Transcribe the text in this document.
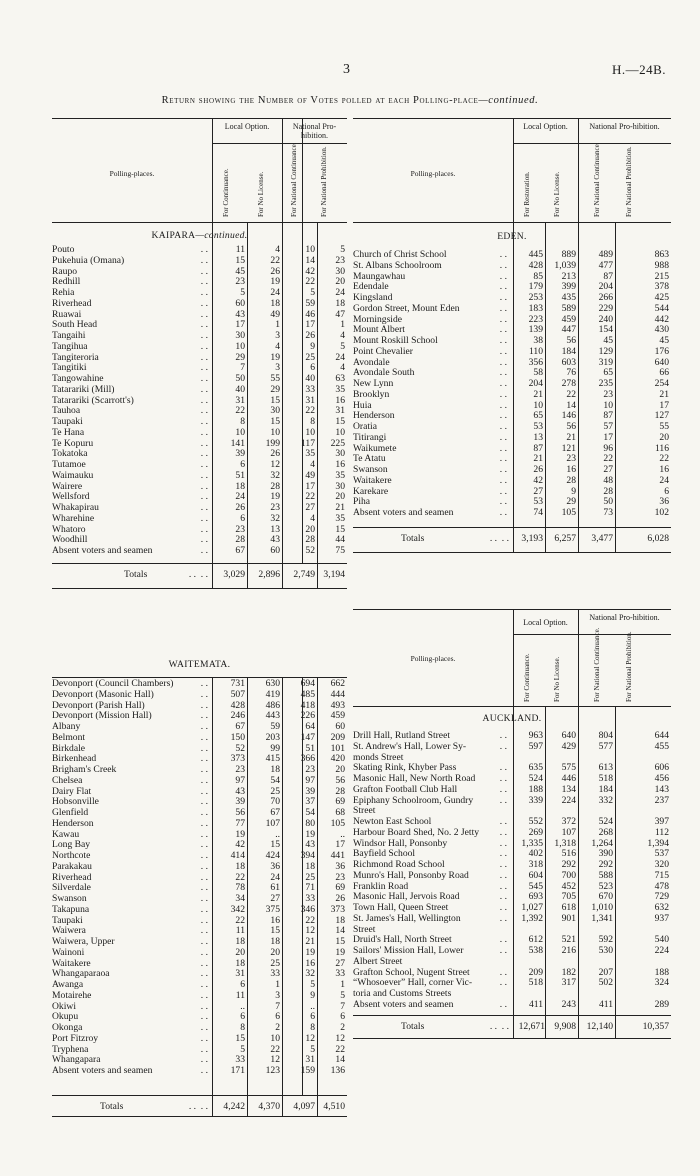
3	H.—24B.
Return showing the Number of Votes polled at each Polling-place—continued.
Polling-places.
Local Option.	National Pro-hibition.
For Continuance.	For No License.	For National Continuance.	For National Prohibition.
KAIPARA—continued.
Pouto	. .	11	4	10	5
Pukehuia (Omana)	. .	15	22	14	23
Raupo	. .	45	26	42	30
Redhill	. .	23	19	22	20
Rehia	. .	5	24	5	24
Riverhead	. .	60	18	59	18
Ruawai	. .	43	49	46	47
South Head	. .	17	1	17	1
Tangaihi	. .	30	3	26	4
Tangihua	. .	10	4	9	5
Tangiteroria	. .	29	19	25	24
Tangitiki	. .	7	3	6	4
Tangowahine	. .	50	55	40	63
Tatarariki (Mill)	. .	40	29	33	35
Tatarariki (Scarrott's)	. .	31	15	31	16
Tauhoa	. .	22	30	22	31
Taupaki	. .	8	15	8	15
Te Hana	. .	10	10	10	10
Te Kopuru	. .	141	199	117	225
Tokatoka	. .	39	26	35	30
Tutamoe	. .	6	12	4	16
Waimauku	. .	51	32	49	35
Wairere	. .	18	28	17	30
Wellsford	. .	24	19	22	20
Whakapirau	. .	26	23	27	21
Wharehine	. .	6	32	4	35
Whatoro	. .	23	13	20	15
Woodhill	. .	28	43	28	44
Absent voters and seamen	. .	67	60	52	75
Totals	. .  . .	3,029	2,896	2,749 3,194
WAITEMATA.
Devonport (Council Chambers)	. .	731	630	694	662
Devonport (Masonic Hall)	. .	507	419	485	444
Devonport (Parish Hall)	. .	428	486	418	493
Devonport (Mission Hall)	. .	246	443	226	459
Albany	. .	67	59	64	60
Belmont	. .	150	203	147	209
Birkdale	. .	52	99	51	101
Birkenhead	. .	373	415	366	420
Brigham's Creek	. .	23	18	23	20
Chelsea	. .	97	54	97	56
Dairy Flat	. .	43	25	39	28
Hobsonville	. .	39	70	37	69
Glenfield	. .	56	67	54	68
Henderson	. .	77	107	80	105
Kawau	. .	19	..	19	..
Long Bay	. .	42	15	43	17
Northcote	. .	414	424	394	441
Parakakau	. .	18	36	18	36
Riverhead	. .	22	24	25	23
Silverdale	. .	78	61	71	69
Swanson	. .	34	27	33	26
Takapuna	. .	342	375	346	373
Taupaki	. .	22	16	22	18
Waiwera	. .	11	15	12	14
Waiwera, Upper	. .	18	18	21	15
Wainoni	. .	20	20	19	19
Waitakere	. .	18	25	16	27
Whangaparaoa	. .	31	33	32	33
Awanga	. .	6	1	5	1
Motairehe	. .	11	3	9	5
Okiwi	. .	..	7	..	7
Okupu	. .	6	6	6	6
Okonga	. .	8	2	8	2
Port Fitzroy	. .	15	10	12	12
Tryphena	. .	5	22	5	22
Whangapara	. .	33	12	31	14
Absent voters and seamen	. .	171	123	159	136
Totals	. .  . .	4,242	4,370	4,097 4,510
Polling-places.
Local Option.	National Pro-hibition.
For Restoration.	For No License.	For National Continuance.	For National Prohibition.
EDEN.
Church of Christ School	. .	445	889	489	863
St. Albans Schoolroom	. .	428	1,039	477	988
Maungawhau	. .	85	213	87	215
Edendale	. .	179	399	204	378
Kingsland	. .	253	435	266	425
Gordon Street, Mount Eden	. .	183	589	229	544
Morningside	. .	223	459	240	442
Mount Albert	. .	139	447	154	430
Mount Roskill School	. .	38	56	45	45
Point Chevalier	. .	110	184	129	176
Avondale	. .	356	603	319	640
Avondale South	. .	58	76	65	66
New Lynn	. .	204	278	235	254
Brooklyn	. .	21	22	23	21
Huia	. .	10	14	10	17
Henderson	. .	65	146	87	127
Oratia	. .	53	56	57	55
Titirangi	. .	13	21	17	20
Waikumete	. .	87	121	96	116
Te Atatu	. .	21	23	22	22
Swanson	. .	26	16	27	16
Waitakere	. .	42	28	48	24
Karekare	. .	27	9	28	6
Piha	. .	53	29	50	36
Absent voters and seamen	. .	74	105	73	102
Totals	. .  . .	3,193	6,257	3,477	6,028
Polling-places.
Local Option.
National Pro-hibition.
For Continuance.	For No License.	For National Continuance.	For National Prohibition.
AUCKLAND.
Drill Hall, Rutland Street	. .	963	640	804	644
St. Andrew's Hall, Lower Sy-	. .	597	429	577	455
monds Street
Skating Rink, Khyber Pass	. .	635	575	613	606
Masonic Hall, New North Road	. .	524	446	518	456
Grafton Football Club Hall	. .	188	134	184	143
Epiphany Schoolroom, Gundry	. .	339	224	332	237
Street
Newton East School	. .	552	372	524	397
Harbour Board Shed, No. 2 Jetty	. .	269	107	268	112
Windsor Hall, Ponsonby	. .	1,335	1,318	1,264	1,394
Bayfield School	. .	402	516	390	537
Richmond Road School	. .	318	292	292	320
Munro's Hall, Ponsonby Road	. .	604	700	588	715
Franklin Road	. .	545	452	523	478
Masonic Hall, Jervois Road	. .	693	705	670	729
Town Hall, Queen Street	. .	1,027	618	1,010	632
St. James's Hall, Wellington	. .	1,392	901	1,341	937
Street
Druid's Hall, North Street	. .	612	521	592	540
Sailors' Mission Hall, Lower	. .	538	216	530	224
Albert Street
Grafton School, Nugent Street	. .	209	182	207	188
“Whosoever” Hall, corner Vic-	. .	518	317	502	324
toria and Customs Streets
Absent voters and seamen	. .	411	243	411	289
Totals	. .  . .	12,671 9,908	12,140	10,357
